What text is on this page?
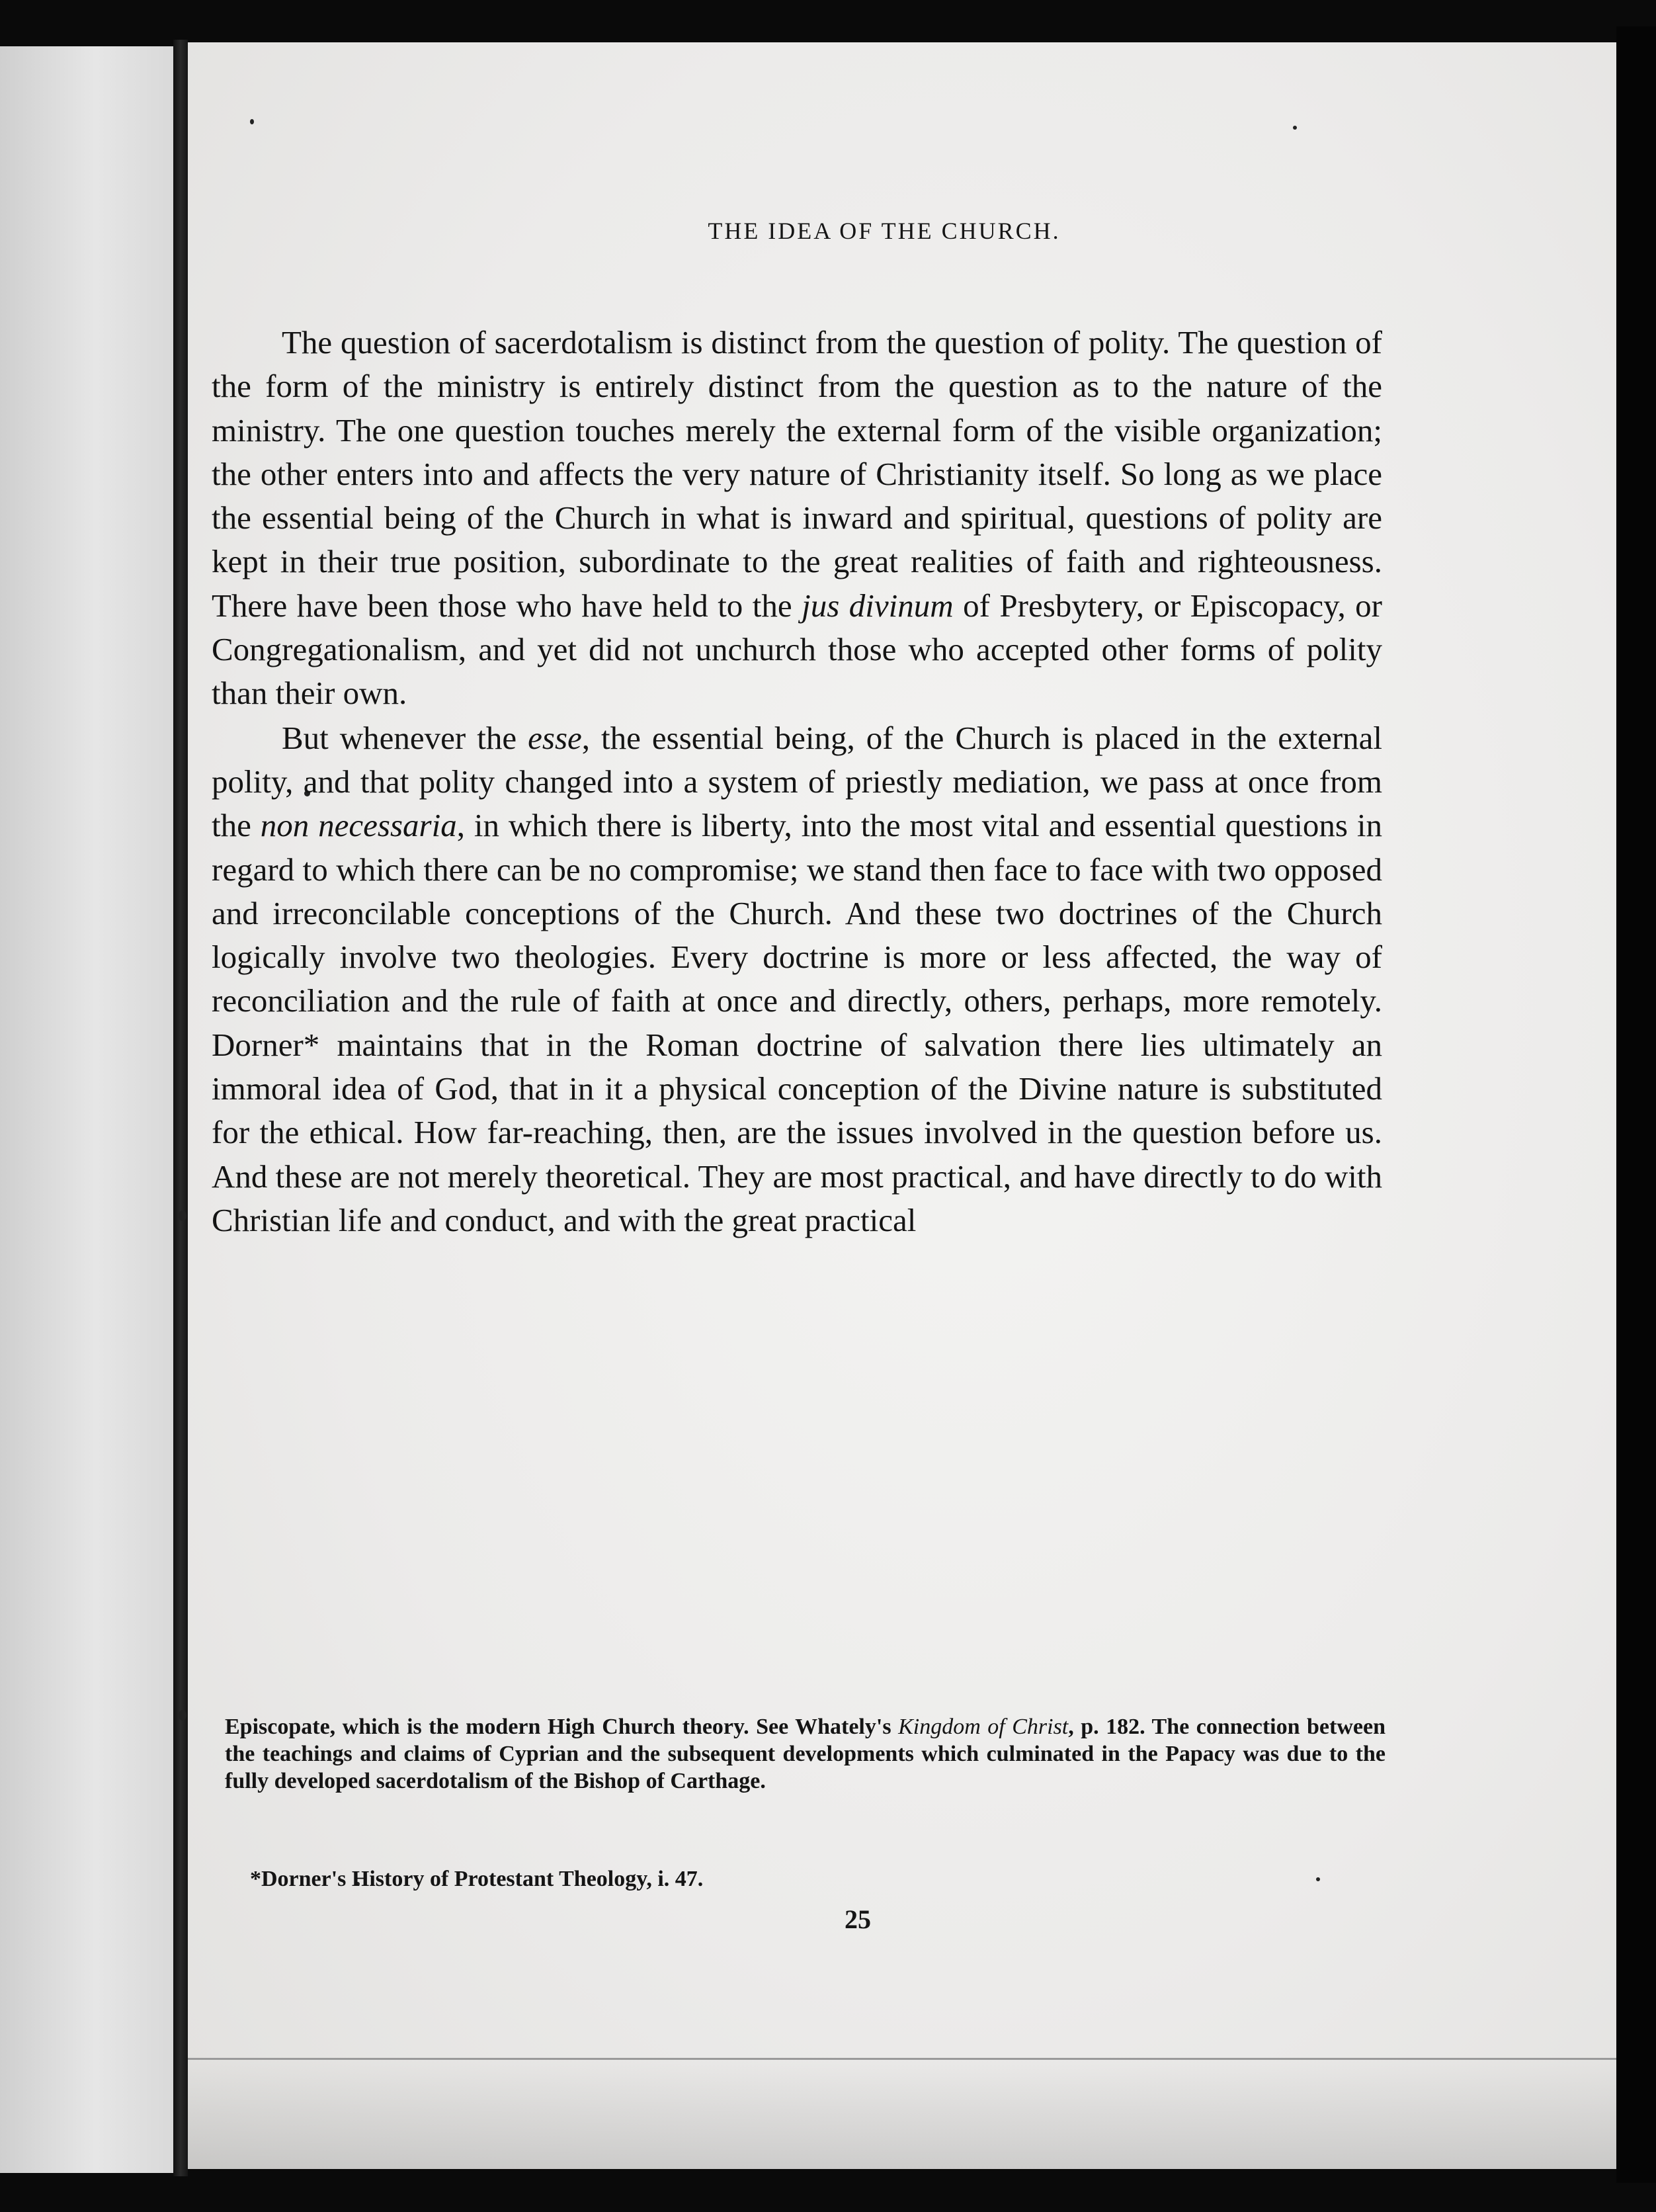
THE IDEA OF THE CHURCH.

The question of sacerdotalism is distinct from the question of polity. The question of the form of the ministry is entirely distinct from the question as to the nature of the ministry. The one question touches merely the external form of the visible organization; the other enters into and affects the very nature of Christianity itself. So long as we place the essential being of the Church in what is inward and spiritual, questions of polity are kept in their true position, subordinate to the great realities of faith and righteousness. There have been those who have held to the jus divinum of Presbytery, or Episcopacy, or Congregationalism, and yet did not unchurch those who accepted other forms of polity than their own.

But whenever the esse, the essential being, of the Church is placed in the external polity, and that polity changed into a system of priestly mediation, we pass at once from the non necessaria, in which there is liberty, into the most vital and essential questions in regard to which there can be no compromise; we stand then face to face with two opposed and irreconcilable conceptions of the Church. And these two doctrines of the Church logically involve two theologies. Every doctrine is more or less affected, the way of reconciliation and the rule of faith at once and directly, others, perhaps, more remotely. Dorner* maintains that in the Roman doctrine of salvation there lies ultimately an immoral idea of God, that in it a physical conception of the Divine nature is substituted for the ethical. How far-reaching, then, are the issues involved in the question before us. And these are not merely theoretical. They are most practical, and have directly to do with Christian life and conduct, and with the great practical

Episcopate, which is the modern High Church theory. See Whately's Kingdom of Christ, p. 182. The connection between the teachings and claims of Cyprian and the subsequent developments which culminated in the Papacy was due to the fully developed sacerdotalism of the Bishop of Carthage.
*Dorner's History of Protestant Theology, i. 47.
25
